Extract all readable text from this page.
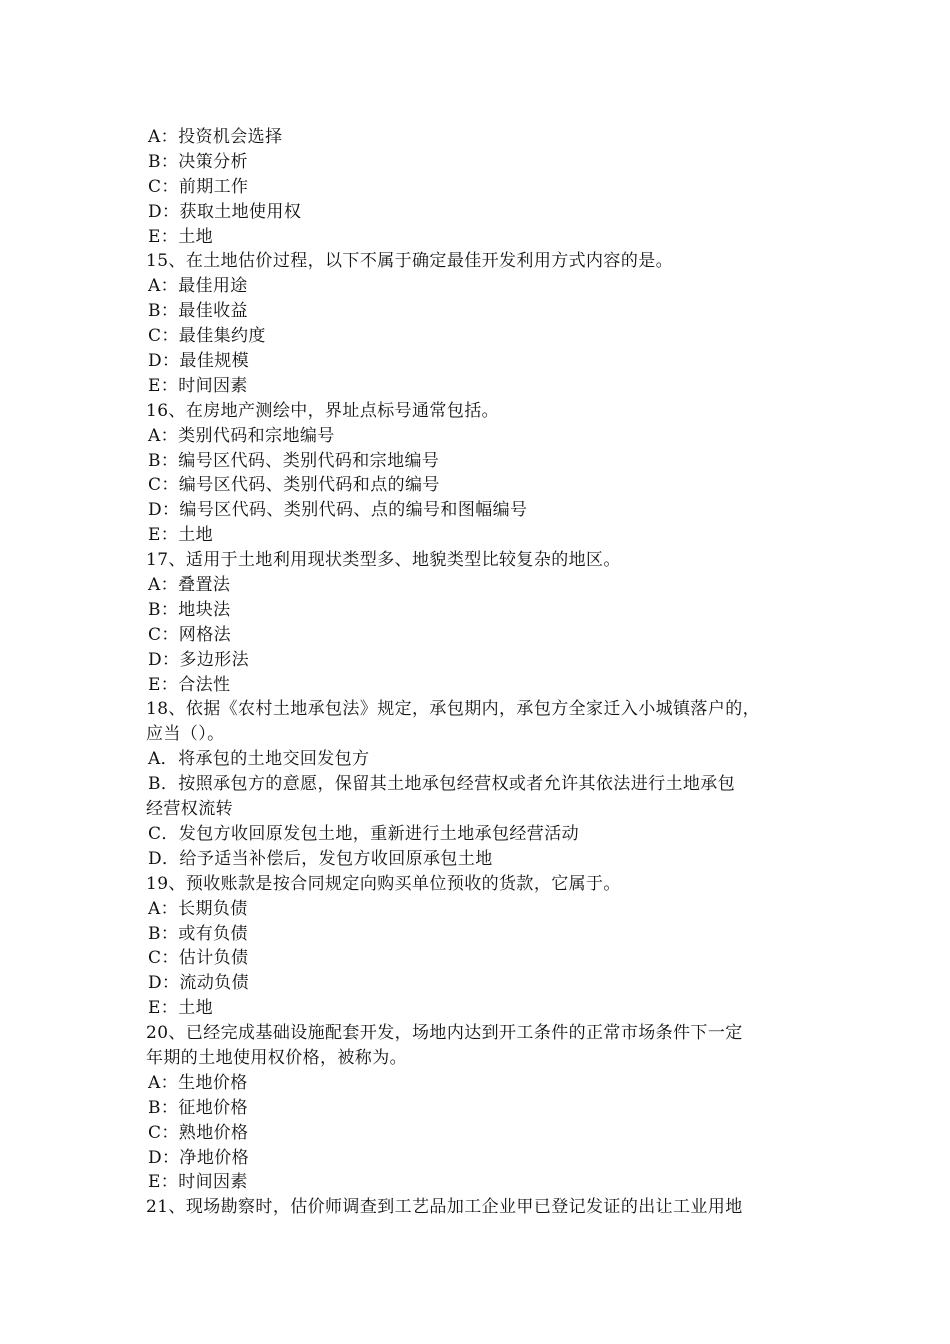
A：投资机会选择
B：决策分析
C：前期工作
D：获取土地使用权
E：土地
15、在土地估价过程，以下不属于确定最佳开发利用方式内容的是。
A：最佳用途
B：最佳收益
C：最佳集约度
D：最佳规模
E：时间因素
16、在房地产测绘中，界址点标号通常包括。
A：类别代码和宗地编号
B：编号区代码、类别代码和宗地编号
C：编号区代码、类别代码和点的编号
D：编号区代码、类别代码、点的编号和图幅编号
E：土地
17、适用于土地利用现状类型多、地貌类型比较复杂的地区。
A：叠置法
B：地块法
C：网格法
D：多边形法
E：合法性
18、依据《农村土地承包法》规定，承包期内，承包方全家迁入小城镇落户的，
应当（）。
A．将承包的土地交回发包方
B．按照承包方的意愿，保留其土地承包经营权或者允许其依法进行土地承包
经营权流转
C．发包方收回原发包土地，重新进行土地承包经营活动
D．给予适当补偿后，发包方收回原承包土地
19、预收账款是按合同规定向购买单位预收的货款，它属于。
A：长期负债
B：或有负债
C：估计负债
D：流动负债
E：土地
20、已经完成基础设施配套开发，场地内达到开工条件的正常市场条件下一定
年期的土地使用权价格，被称为。
A：生地价格
B：征地价格
C：熟地价格
D：净地价格
E：时间因素
21、现场勘察时，估价师调查到工艺品加工企业甲已登记发证的出让工业用地
